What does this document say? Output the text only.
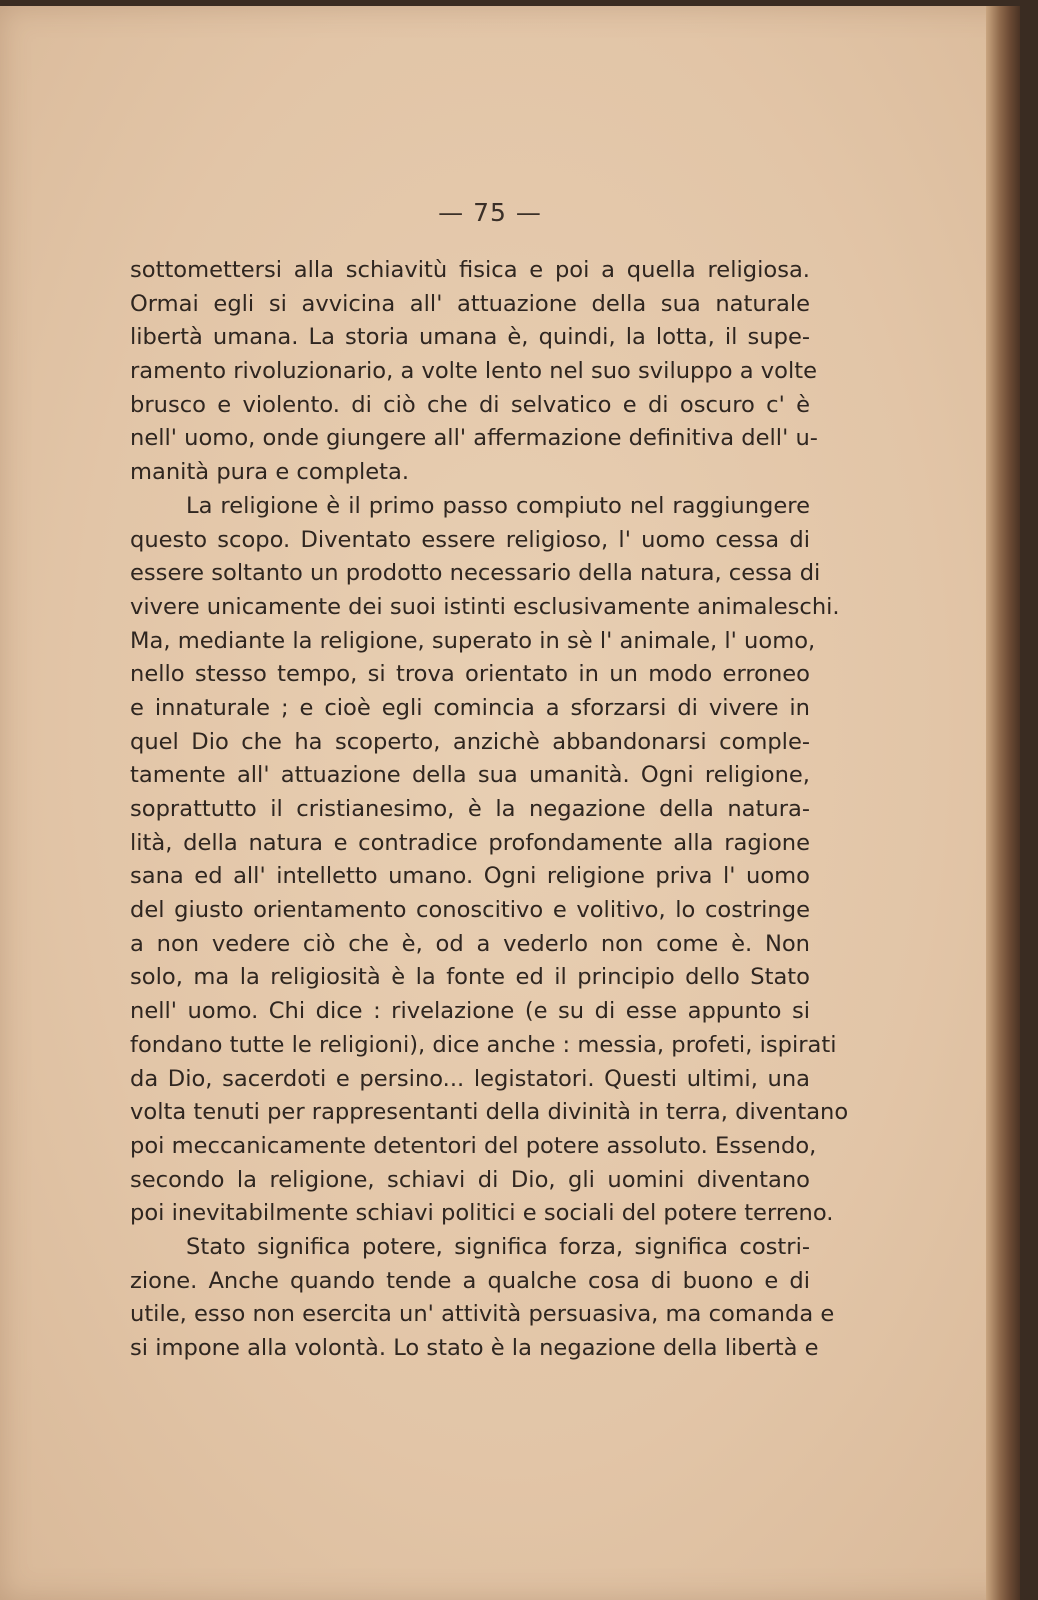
— 75 —
sottomettersi alla schiavitù fisica e poi a quella religiosa.
Ormai egli si avvicina all' attuazione della sua naturale
libertà umana. La storia umana è, quindi, la lotta, il supe-
ramento rivoluzionario, a volte lento nel suo sviluppo a volte
brusco e violento. di ciò che di selvatico e di oscuro c' è
nell' uomo, onde giungere all' affermazione definitiva dell' u-
manità pura e completa.
La religione è il primo passo compiuto nel raggiungere
questo scopo. Diventato essere religioso, l' uomo cessa di
essere soltanto un prodotto necessario della natura, cessa di
vivere unicamente dei suoi istinti esclusivamente animaleschi.
Ma, mediante la religione, superato in sè l' animale, l' uomo,
nello stesso tempo, si trova orientato in un modo erroneo
e innaturale ; e cioè egli comincia a sforzarsi di vivere in
quel Dio che ha scoperto, anzichè abbandonarsi comple-
tamente all' attuazione della sua umanità. Ogni religione,
soprattutto il cristianesimo, è la negazione della natura-
lità, della natura e contradice profondamente alla ragione
sana ed all' intelletto umano. Ogni religione priva l' uomo
del giusto orientamento conoscitivo e volitivo, lo costringe
a non vedere ciò che è, od a vederlo non come è. Non
solo, ma la religiosità è la fonte ed il principio dello Stato
nell' uomo. Chi dice : rivelazione (e su di esse appunto si
fondano tutte le religioni), dice anche : messia, profeti, ispirati
da Dio, sacerdoti e persino... legistatori. Questi ultimi, una
volta tenuti per rappresentanti della divinità in terra, diventano
poi meccanicamente detentori del potere assoluto. Essendo,
secondo la religione, schiavi di Dio, gli uomini diventano
poi inevitabilmente schiavi politici e sociali del potere terreno.
Stato significa potere, significa forza, significa costri-
zione. Anche quando tende a qualche cosa di buono e di
utile, esso non esercita un' attività persuasiva, ma comanda e
si impone alla volontà. Lo stato è la negazione della libertà e
